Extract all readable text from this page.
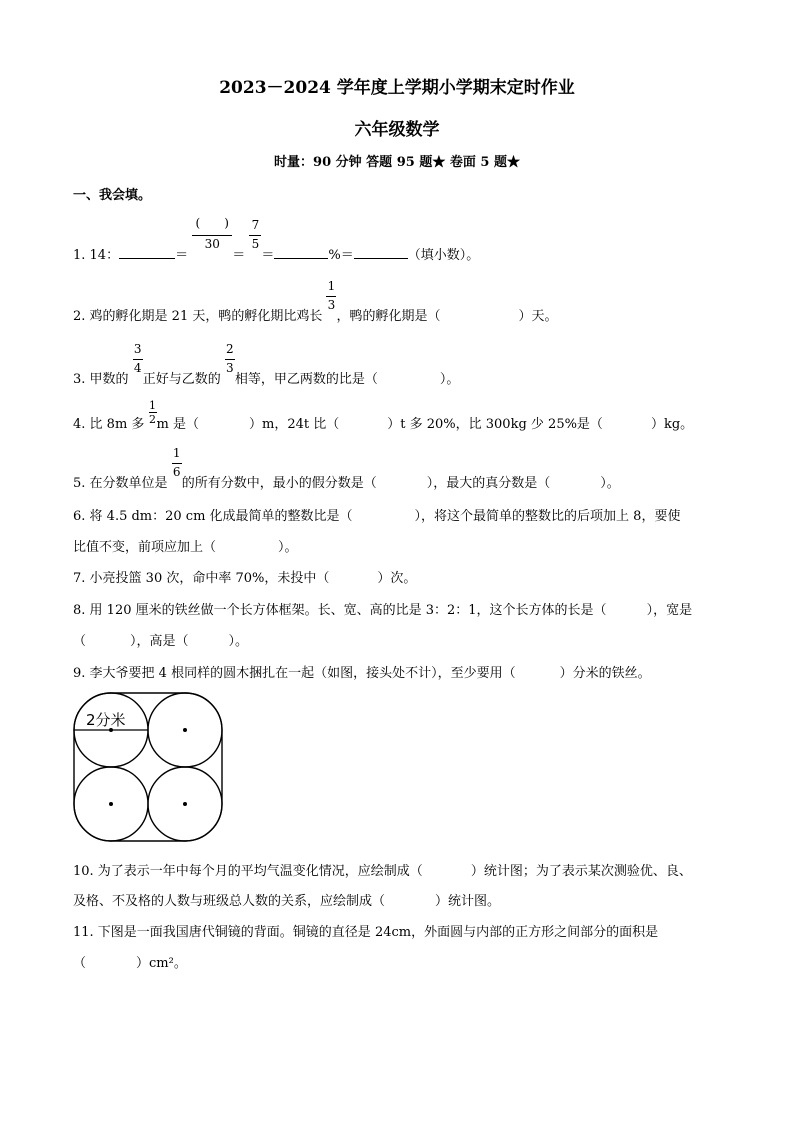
2023－2024 学年度上学期小学期末定时作业
六年级数学
时量：90 分钟 答题 95 题★ 卷面 5 题★
一、我会填。
1. 14：	＝ $\frac{( )}{30} = \frac{7}{5}$ ＝	%＝	（填小数）。
2. 鸡的孵化期是 21 天，鸭的孵化期比鸡长 $\frac{1}{3}$ ，鸭的孵化期是（	）天。
3. 甲数的 $\frac{3}{4}$ 正好与乙数的 $\frac{2}{3}$ 相等，甲乙两数的比是（	）。
4. 比 8m 多 $\frac{1}{2}$ m 是（	）m，24t 比（	）t 多 20%，比 300kg 少 25%是（	）kg。
5. 在分数单位是 $\frac{1}{6}$ 的所有分数中，最小的假分数是（	），最大的真分数是（	）。
6. 将 4.5 dm：20 cm 化成最简单的整数比是（	），将这个最简单的整数比的后项加上 8，要使
比值不变，前项应加上（	）。
7. 小亮投篮 30 次，命中率 70%，未投中（	）次。
8. 用 120 厘米的铁丝做一个长方体框架。长、宽、高的比是 3：2：1，这个长方体的长是（	），宽是
（	），高是（	）。
9. 李大爷要把 4 根同样的圆木捆扎在一起（如图，接头处不计），至少要用（	）分米的铁丝。
2分米
10. 为了表示一年中每个月的平均气温变化情况，应绘制成（	）统计图；为了表示某次测验优、良、
及格、不及格的人数与班级总人数的关系，应绘制成（	）统计图。
11. 下图是一面我国唐代铜镜的背面。铜镜的直径是 24cm，外面圆与内部的正方形之间部分的面积是
（	）cm²。
